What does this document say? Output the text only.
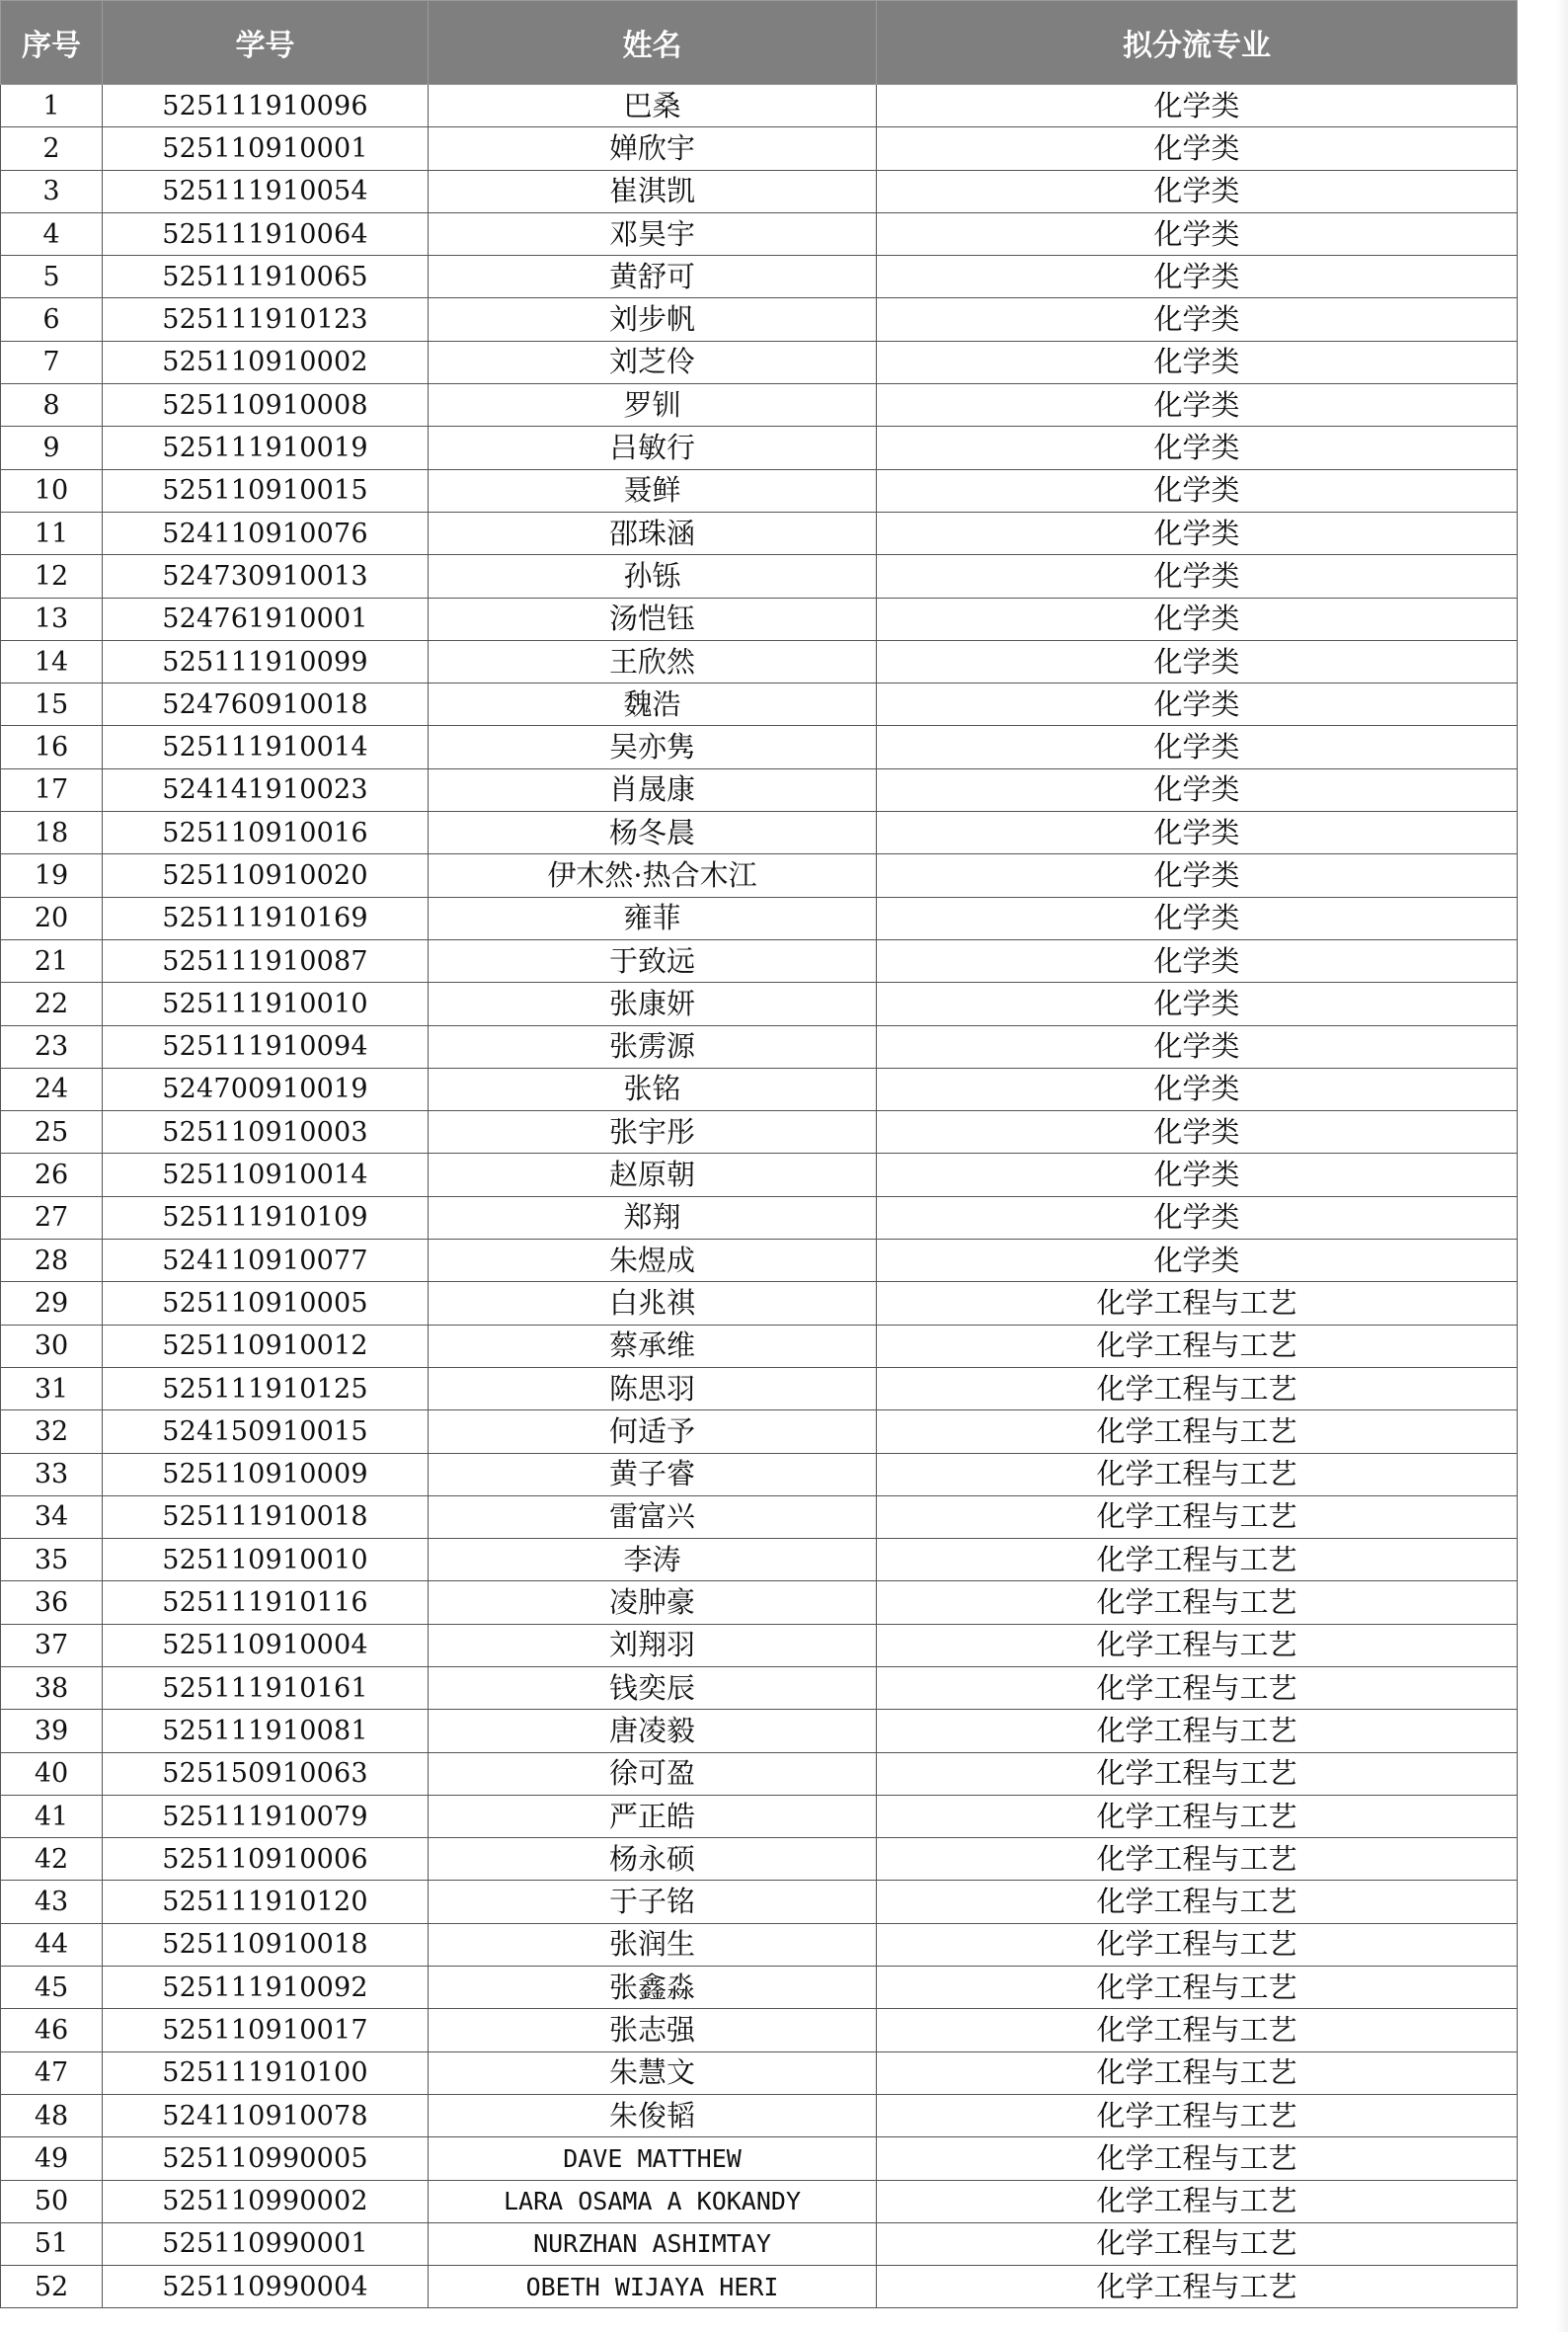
序号	学号	姓名	拟分流专业
1	525111910096	巴桑	化学类
2	525110910001	婵欣宇	化学类
3	525111910054	崔淇凯	化学类
4	525111910064	邓昊宇	化学类
5	525111910065	黄舒可	化学类
6	525111910123	刘步帆	化学类
7	525110910002	刘芝伶	化学类
8	525110910008	罗钏	化学类
9	525111910019	吕敏行	化学类
10	525110910015	聂鲜	化学类
11	524110910076	邵珠涵	化学类
12	524730910013	孙铄	化学类
13	524761910001	汤恺钰	化学类
14	525111910099	王欣然	化学类
15	524760910018	魏浩	化学类
16	525111910014	吴亦隽	化学类
17	524141910023	肖晟康	化学类
18	525110910016	杨冬晨	化学类
19	525110910020	伊木然·热合木江	化学类
20	525111910169	雍菲	化学类
21	525111910087	于致远	化学类
22	525111910010	张康妍	化学类
23	525111910094	张雳源	化学类
24	524700910019	张铭	化学类
25	525110910003	张宇彤	化学类
26	525110910014	赵原朝	化学类
27	525111910109	郑翔	化学类
28	524110910077	朱煜成	化学类
29	525110910005	白兆祺	化学工程与工艺
30	525110910012	蔡承维	化学工程与工艺
31	525111910125	陈思羽	化学工程与工艺
32	524150910015	何适予	化学工程与工艺
33	525110910009	黄子睿	化学工程与工艺
34	525111910018	雷富兴	化学工程与工艺
35	525110910010	李涛	化学工程与工艺
36	525111910116	凌肿豪	化学工程与工艺
37	525110910004	刘翔羽	化学工程与工艺
38	525111910161	钱奕辰	化学工程与工艺
39	525111910081	唐凌毅	化学工程与工艺
40	525150910063	徐可盈	化学工程与工艺
41	525111910079	严正皓	化学工程与工艺
42	525110910006	杨永硕	化学工程与工艺
43	525111910120	于子铭	化学工程与工艺
44	525110910018	张润生	化学工程与工艺
45	525111910092	张鑫淼	化学工程与工艺
46	525110910017	张志强	化学工程与工艺
47	525111910100	朱慧文	化学工程与工艺
48	524110910078	朱俊韬	化学工程与工艺
49	525110990005	DAVE MATTHEW	化学工程与工艺
50	525110990002	LARA OSAMA A KOKANDY	化学工程与工艺
51	525110990001	NURZHAN ASHIMTAY	化学工程与工艺
52	525110990004	OBETH WIJAYA HERI	化学工程与工艺
